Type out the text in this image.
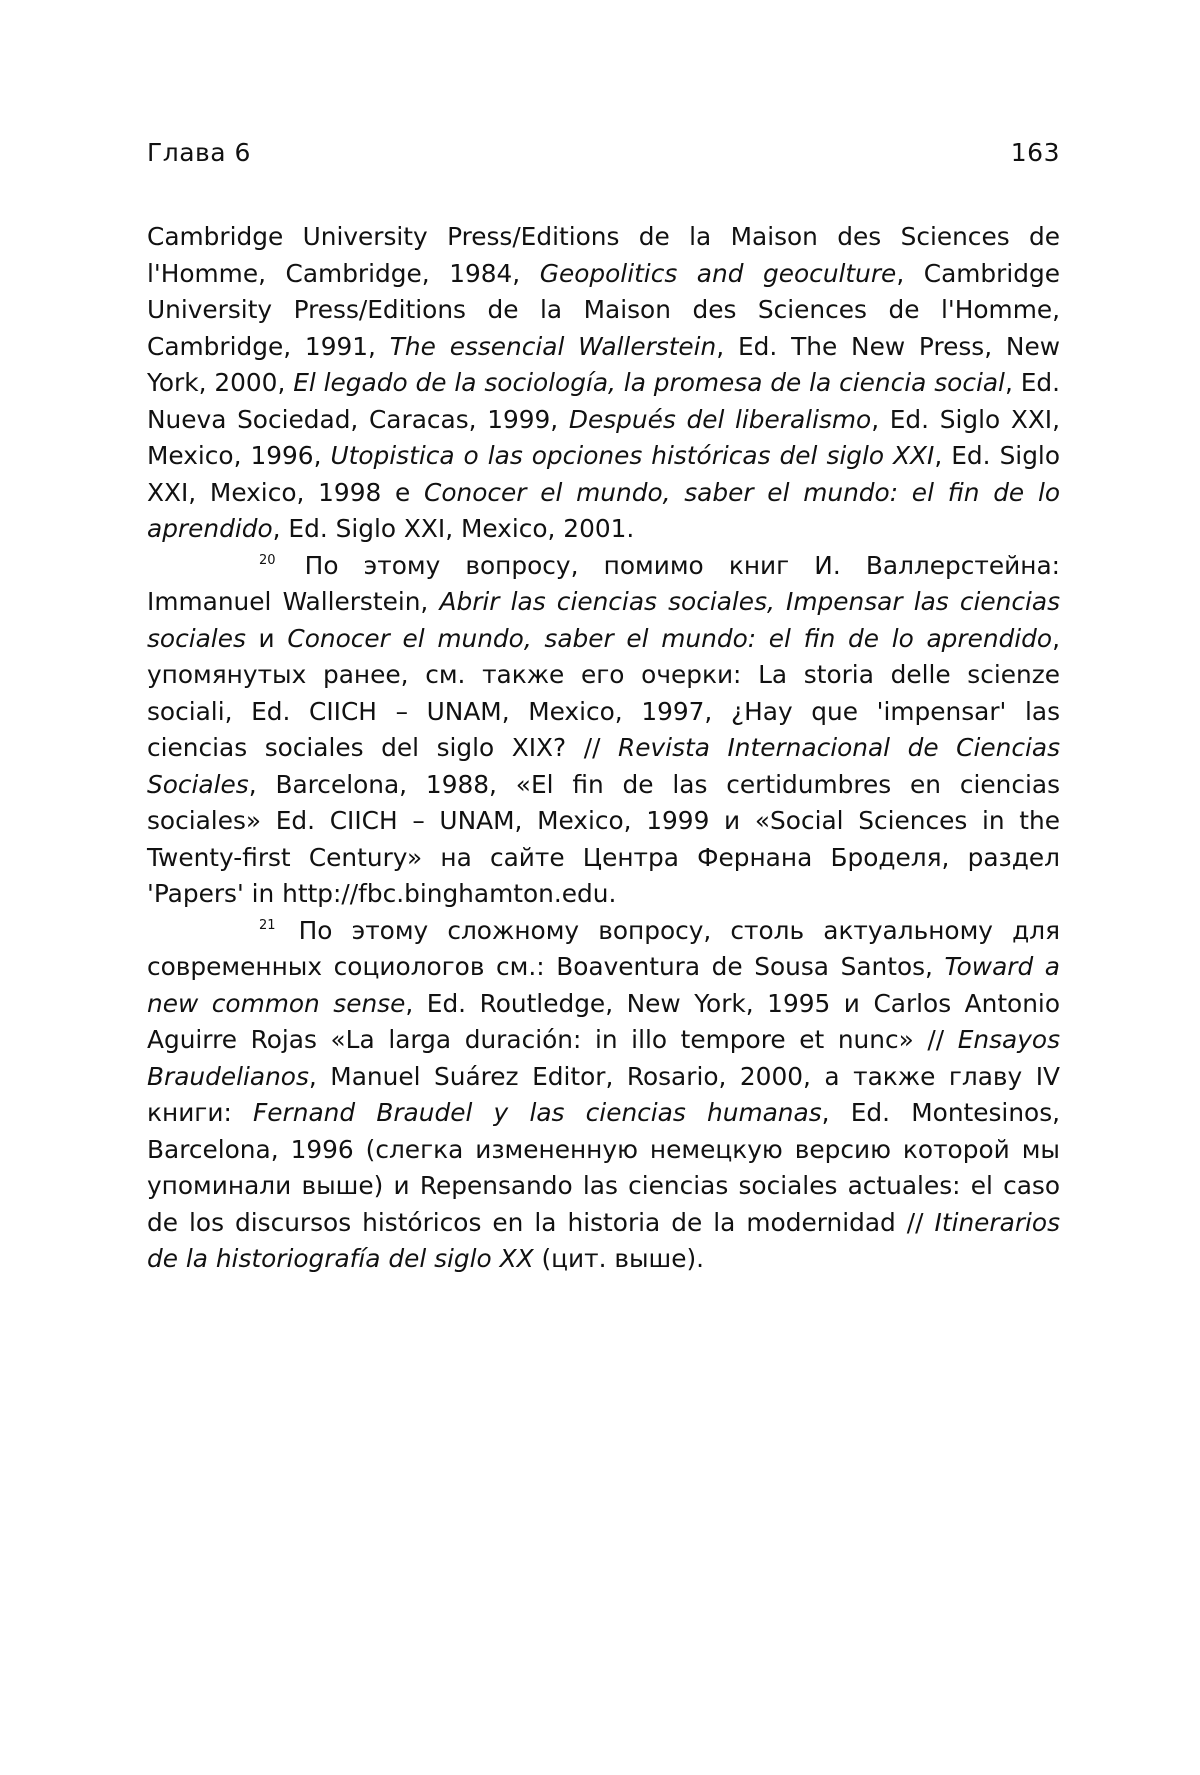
Глава 6	163

Cambridge University Press/Editions de la Maison des Sciences de l'Homme, Cambridge, 1984, Geopolitics and geoculture, Cambridge University Press/Editions de la Maison des Sciences de l'Homme, Cambridge, 1991, The essencial Wallerstein, Ed. The New Press, New York, 2000, El legado de la sociología, la promesa de la ciencia social, Ed. Nueva Sociedad, Caracas, 1999, Después del liberalismo, Ed. Siglo XXI, Mexico, 1996, Utopistica o las opciones históricas del siglo XXI, Ed. Siglo XXI, Mexico, 1998 e Conocer el mundo, saber el mundo: el fin de lo aprendido, Ed. Siglo XXI, Mexico, 2001.

$^{20}$ По этому вопросу, помимо книг И. Валлерстейна: Immanuel Wallerstein, Abrir las ciencias sociales, Impensar las ciencias sociales и Conocer el mundo, saber el mundo: el fin de lo aprendido, упомянутых ранее, см. также его очерки: La storia delle scienze sociali, Ed. CIICH – UNAM, Mexico, 1997, ¿Hay que 'impensar' las ciencias sociales del siglo XIX? // Revista Internacional de Ciencias Sociales, Barcelona, 1988, «El fin de las certidumbres en ciencias sociales» Ed. CIICH – UNAM, Mexico, 1999 и «Social Sciences in the Twenty-first Century» на сайте Центра Фернана Броделя, раздел 'Papers' in http://fbc.binghamton.edu.

$^{21}$ По этому сложному вопросу, столь актуальному для современных социологов см.: Boaventura de Sousa Santos, Toward a new common sense, Ed. Routledge, New York, 1995 и Carlos Antonio Aguirre Rojas «La larga duración: in illo tempore et nunc» // Ensayos Braudelianos, Manuel Suárez Editor, Rosario, 2000, а также главу IV книги: Fernand Braudel y las ciencias humanas, Ed. Montesinos, Barcelona, 1996 (слегка измененную немецкую версию которой мы упоминали выше) и Repensando las ciencias sociales actuales: el caso de los discursos históricos en la historia de la modernidad // Itinerarios de la historiografía del siglo XX (цит. выше).
